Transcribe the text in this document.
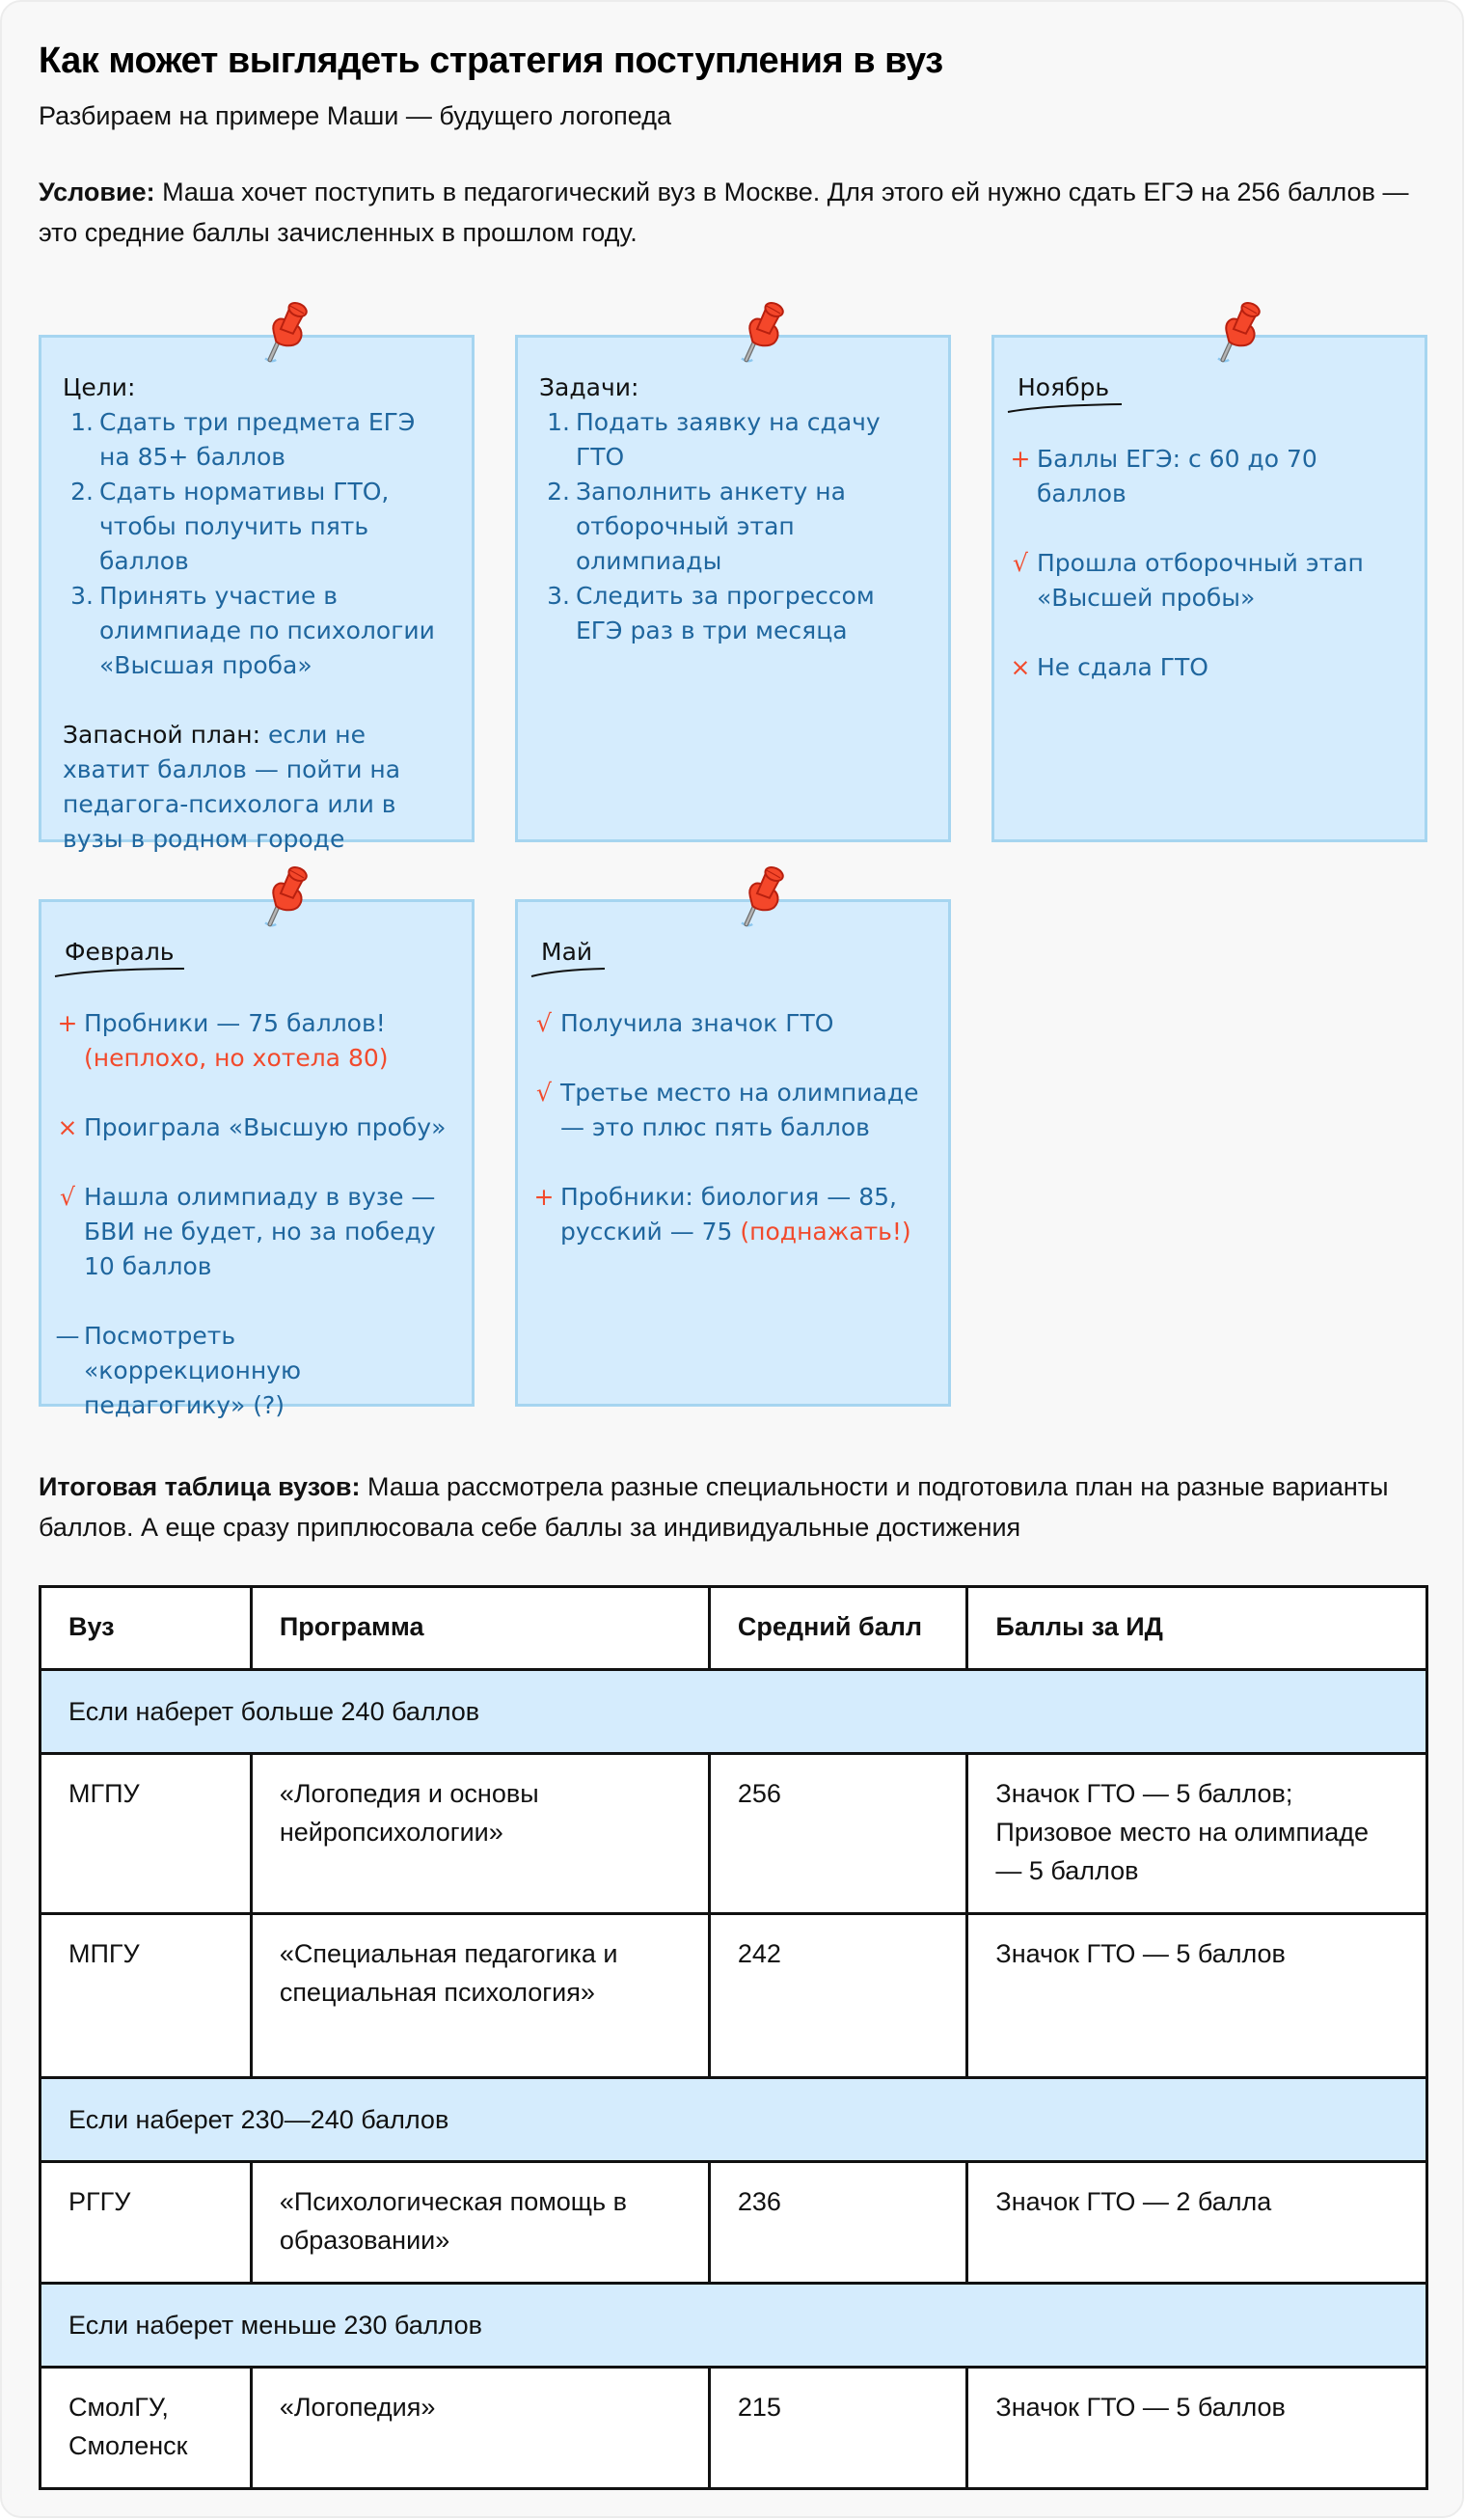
Как может выглядеть стратегия поступления в вуз

Разбираем на примере Маши — будущего логопеда

Условие: Маша хочет поступить в педагогический вуз в Москве. Для этого ей нужно сдать ЕГЭ на 256 баллов — это средние баллы зачисленных в прошлом году.

Цели:
1. Сдать три предмета ЕГЭ на 85+ баллов
2. Сдать нормативы ГТО, чтобы получить пять баллов
3. Принять участие в олимпиаде по психологии «Высшая проба»
Запасной план: если не хватит баллов — пойти на педагога-психолога или в вузы в родном городе
Задачи:
1. Подать заявку на сдачу ГТО
2. Заполнить анкету на отборочный этап олимпиады
3. Следить за прогрессом ЕГЭ раз в три месяца
Ноябрь
+ Баллы ЕГЭ: с 60 до 70 баллов
√ Прошла отборочный этап «Высшей пробы»
× Не сдала ГТО
Февраль
+ Пробники — 75 баллов! (неплохо, но хотела 80)
× Проиграла «Высшую пробу»
√ Нашла олимпиаду в вузе — БВИ не будет, но за победу 10 баллов
— Посмотреть «коррекционную педагогику» (?)
Май
√ Получила значок ГТО
√ Третье место на олимпиаде — это плюс пять баллов
+ Пробники: биология — 85, русский — 75 (поднажать!)

Итоговая таблица вузов: Маша рассмотрела разные специальности и подготовила план на разные варианты баллов. А еще сразу приплюсовала себе баллы за индивидуальные достижения

Вуз	Программа	Средний балл	Баллы за ИД
Если наберет больше 240 баллов			
МГПУ	«Логопедия и основы нейропсихологии»	256	Значок ГТО — 5 баллов; Призовое место на олимпиаде — 5 баллов
МПГУ	«Специальная педагогика и специальная психология»	242	Значок ГТО — 5 баллов
Если наберет 230—240 баллов			
РГГУ	«Психологическая помощь в образовании»	236	Значок ГТО — 2 балла
Если наберет меньше 230 баллов			
СмолГУ, Смоленск	«Логопедия»	215	Значок ГТО — 5 баллов
